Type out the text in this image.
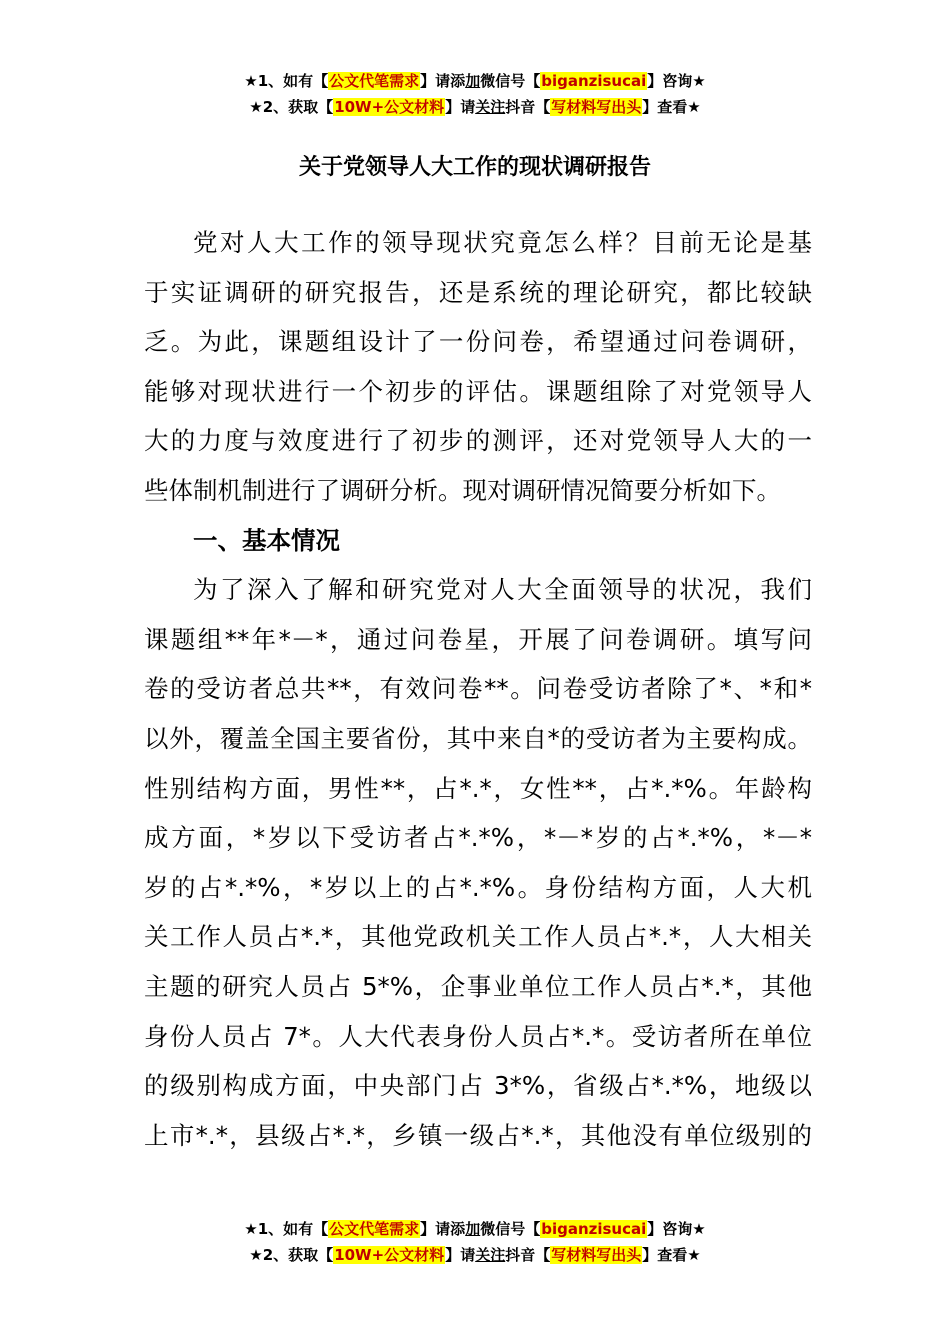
★1、如有【公文代笔需求】请添加微信号【biganzisucai】咨询★
★2、获取【10W+公文材料】请关注抖音【写材料写出头】查看★
关于党领导人大工作的现状调研报告
党对人大工作的领导现状究竟怎么样？目前无论是基
于实证调研的研究报告，还是系统的理论研究，都比较缺
乏。为此，课题组设计了一份问卷，希望通过问卷调研，
能够对现状进行一个初步的评估。课题组除了对党领导人
大的力度与效度进行了初步的测评，还对党领导人大的一
些体制机制进行了调研分析。现对调研情况简要分析如下。
一、基本情况
为了深入了解和研究党对人大全面领导的状况，我们
课题组**年*－*，通过问卷星，开展了问卷调研。填写问
卷的受访者总共**，有效问卷**。问卷受访者除了*、*和*
以外，覆盖全国主要省份，其中来自*的受访者为主要构成。
性别结构方面，男性**，占*.*，女性**，占*.*%。年龄构
成方面，*岁以下受访者占*.*%，*－*岁的占*.*%，*－*
岁的占*.*%，*岁以上的占*.*%。身份结构方面，人大机
关工作人员占*.*，其他党政机关工作人员占*.*，人大相关
主题的研究人员占 5*%，企事业单位工作人员占*.*，其他
身份人员占 7*。人大代表身份人员占*.*。受访者所在单位
的级别构成方面，中央部门占 3*%，省级占*.*%，地级以
上市*.*，县级占*.*，乡镇一级占*.*，其他没有单位级别的
★1、如有【公文代笔需求】请添加微信号【biganzisucai】咨询★
★2、获取【10W+公文材料】请关注抖音【写材料写出头】查看★
